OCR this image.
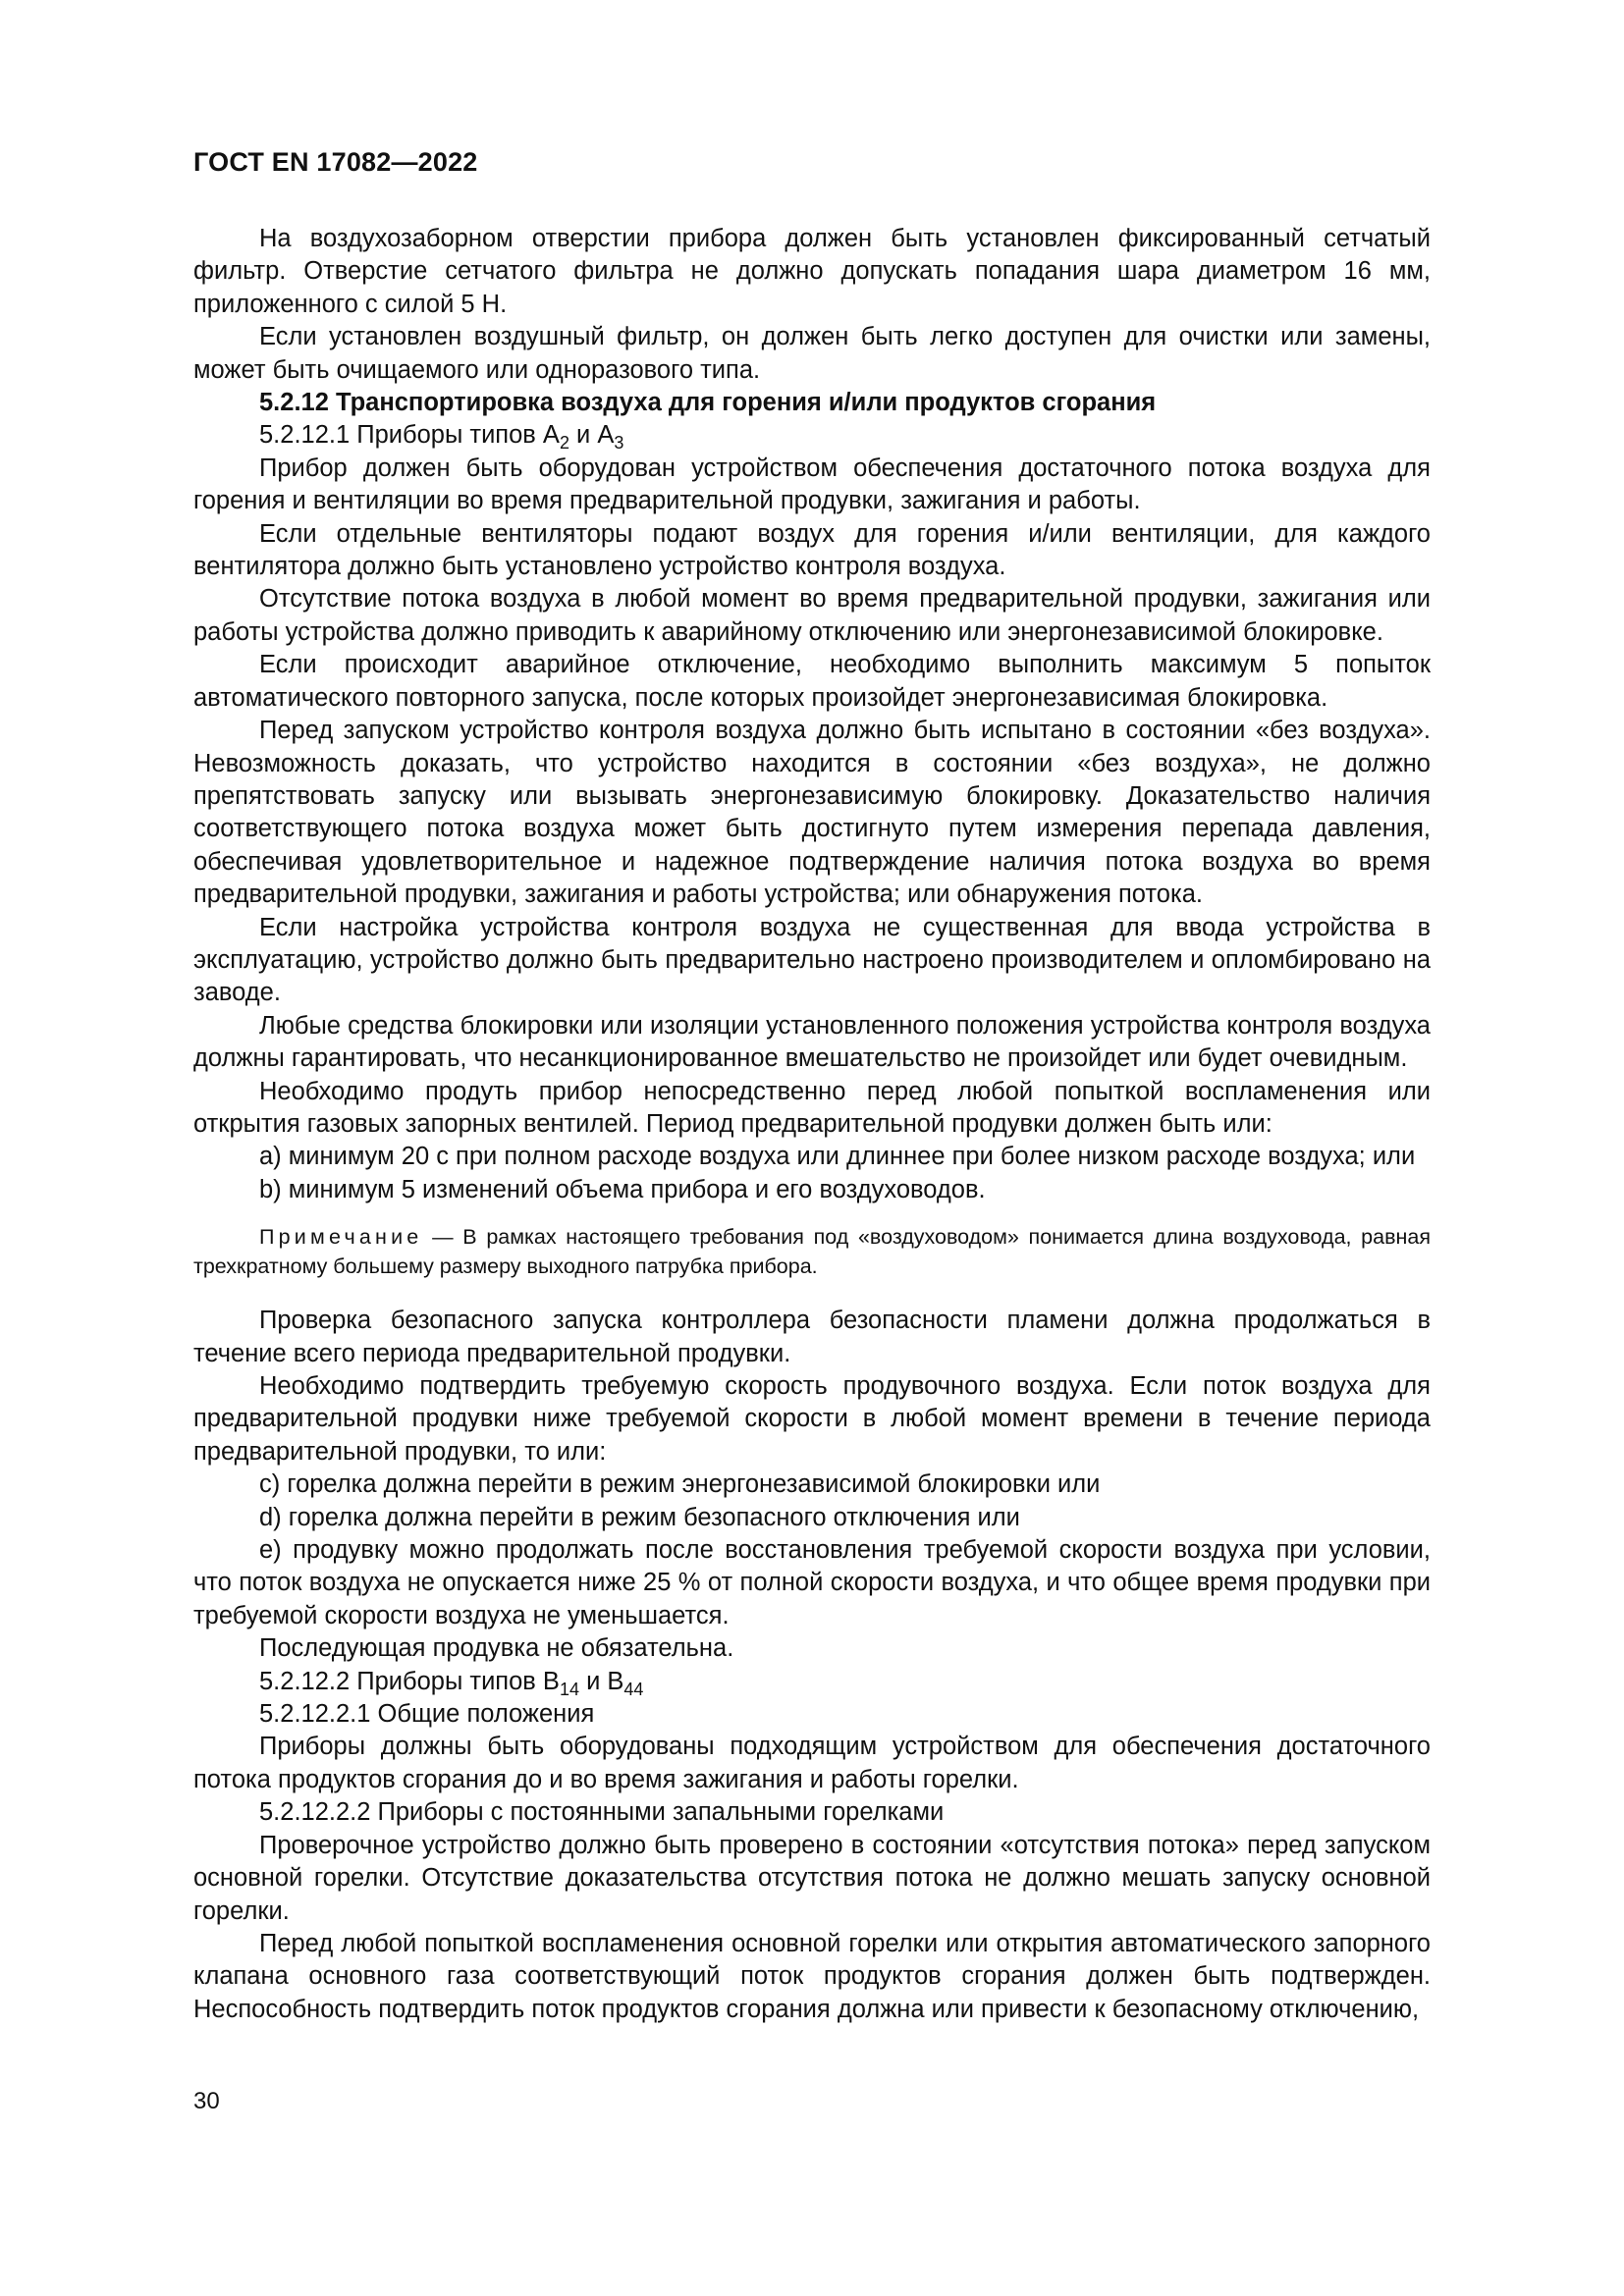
ГОСТ EN 17082—2022

На воздухозаборном отверстии прибора должен быть установлен фиксированный сетчатый фильтр. Отверстие сетчатого фильтра не должно допускать попадания шара диаметром 16 мм, приложенного с силой 5 Н.

Если установлен воздушный фильтр, он должен быть легко доступен для очистки или замены, может быть очищаемого или одноразового типа.

5.2.12 Транспортировка воздуха для горения и/или продуктов сгорания

5.2.12.1 Приборы типов $A_2$ и $A_3$

Прибор должен быть оборудован устройством обеспечения достаточного потока воздуха для горения и вентиляции во время предварительной продувки, зажигания и работы.

Если отдельные вентиляторы подают воздух для горения и/или вентиляции, для каждого вентилятора должно быть установлено устройство контроля воздуха.

Отсутствие потока воздуха в любой момент во время предварительной продувки, зажигания или работы устройства должно приводить к аварийному отключению или энергонезависимой блокировке.

Если происходит аварийное отключение, необходимо выполнить максимум 5 попыток автоматического повторного запуска, после которых произойдет энергонезависимая блокировка.

Перед запуском устройство контроля воздуха должно быть испытано в состоянии «без воздуха». Невозможность доказать, что устройство находится в состоянии «без воздуха», не должно препятствовать запуску или вызывать энергонезависимую блокировку. Доказательство наличия соответствующего потока воздуха может быть достигнуто путем измерения перепада давления, обеспечивая удовлетворительное и надежное подтверждение наличия потока воздуха во время предварительной продувки, зажигания и работы устройства; или обнаружения потока.

Если настройка устройства контроля воздуха не существенная для ввода устройства в эксплуатацию, устройство должно быть предварительно настроено производителем и опломбировано на заводе.

Любые средства блокировки или изоляции установленного положения устройства контроля воздуха должны гарантировать, что несанкционированное вмешательство не произойдет или будет очевидным.

Необходимо продуть прибор непосредственно перед любой попыткой воспламенения или открытия газовых запорных вентилей. Период предварительной продувки должен быть или:

a) минимум 20 с при полном расходе воздуха или длиннее при более низком расходе воздуха; или

b) минимум 5 изменений объема прибора и его воздуховодов.

Примечание — В рамках настоящего требования под «воздуховодом» понимается длина воздуховода, равная трехкратному большему размеру выходного патрубка прибора.

Проверка безопасного запуска контроллера безопасности пламени должна продолжаться в течение всего периода предварительной продувки.

Необходимо подтвердить требуемую скорость продувочного воздуха. Если поток воздуха для предварительной продувки ниже требуемой скорости в любой момент времени в течение периода предварительной продувки, то или:

c) горелка должна перейти в режим энергонезависимой блокировки или

d) горелка должна перейти в режим безопасного отключения или

e) продувку можно продолжать после восстановления требуемой скорости воздуха при условии, что поток воздуха не опускается ниже 25 % от полной скорости воздуха, и что общее время продувки при требуемой скорости воздуха не уменьшается.

Последующая продувка не обязательна.

5.2.12.2 Приборы типов $B_{14}$ и $B_{44}$

5.2.12.2.1 Общие положения

Приборы должны быть оборудованы подходящим устройством для обеспечения достаточного потока продуктов сгорания до и во время зажигания и работы горелки.

5.2.12.2.2 Приборы с постоянными запальными горелками

Проверочное устройство должно быть проверено в состоянии «отсутствия потока» перед запуском основной горелки. Отсутствие доказательства отсутствия потока не должно мешать запуску основной горелки.

Перед любой попыткой воспламенения основной горелки или открытия автоматического запорного клапана основного газа соответствующий поток продуктов сгорания должен быть подтвержден. Неспособность подтвердить поток продуктов сгорания должна или привести к безопасному отключению,

30
